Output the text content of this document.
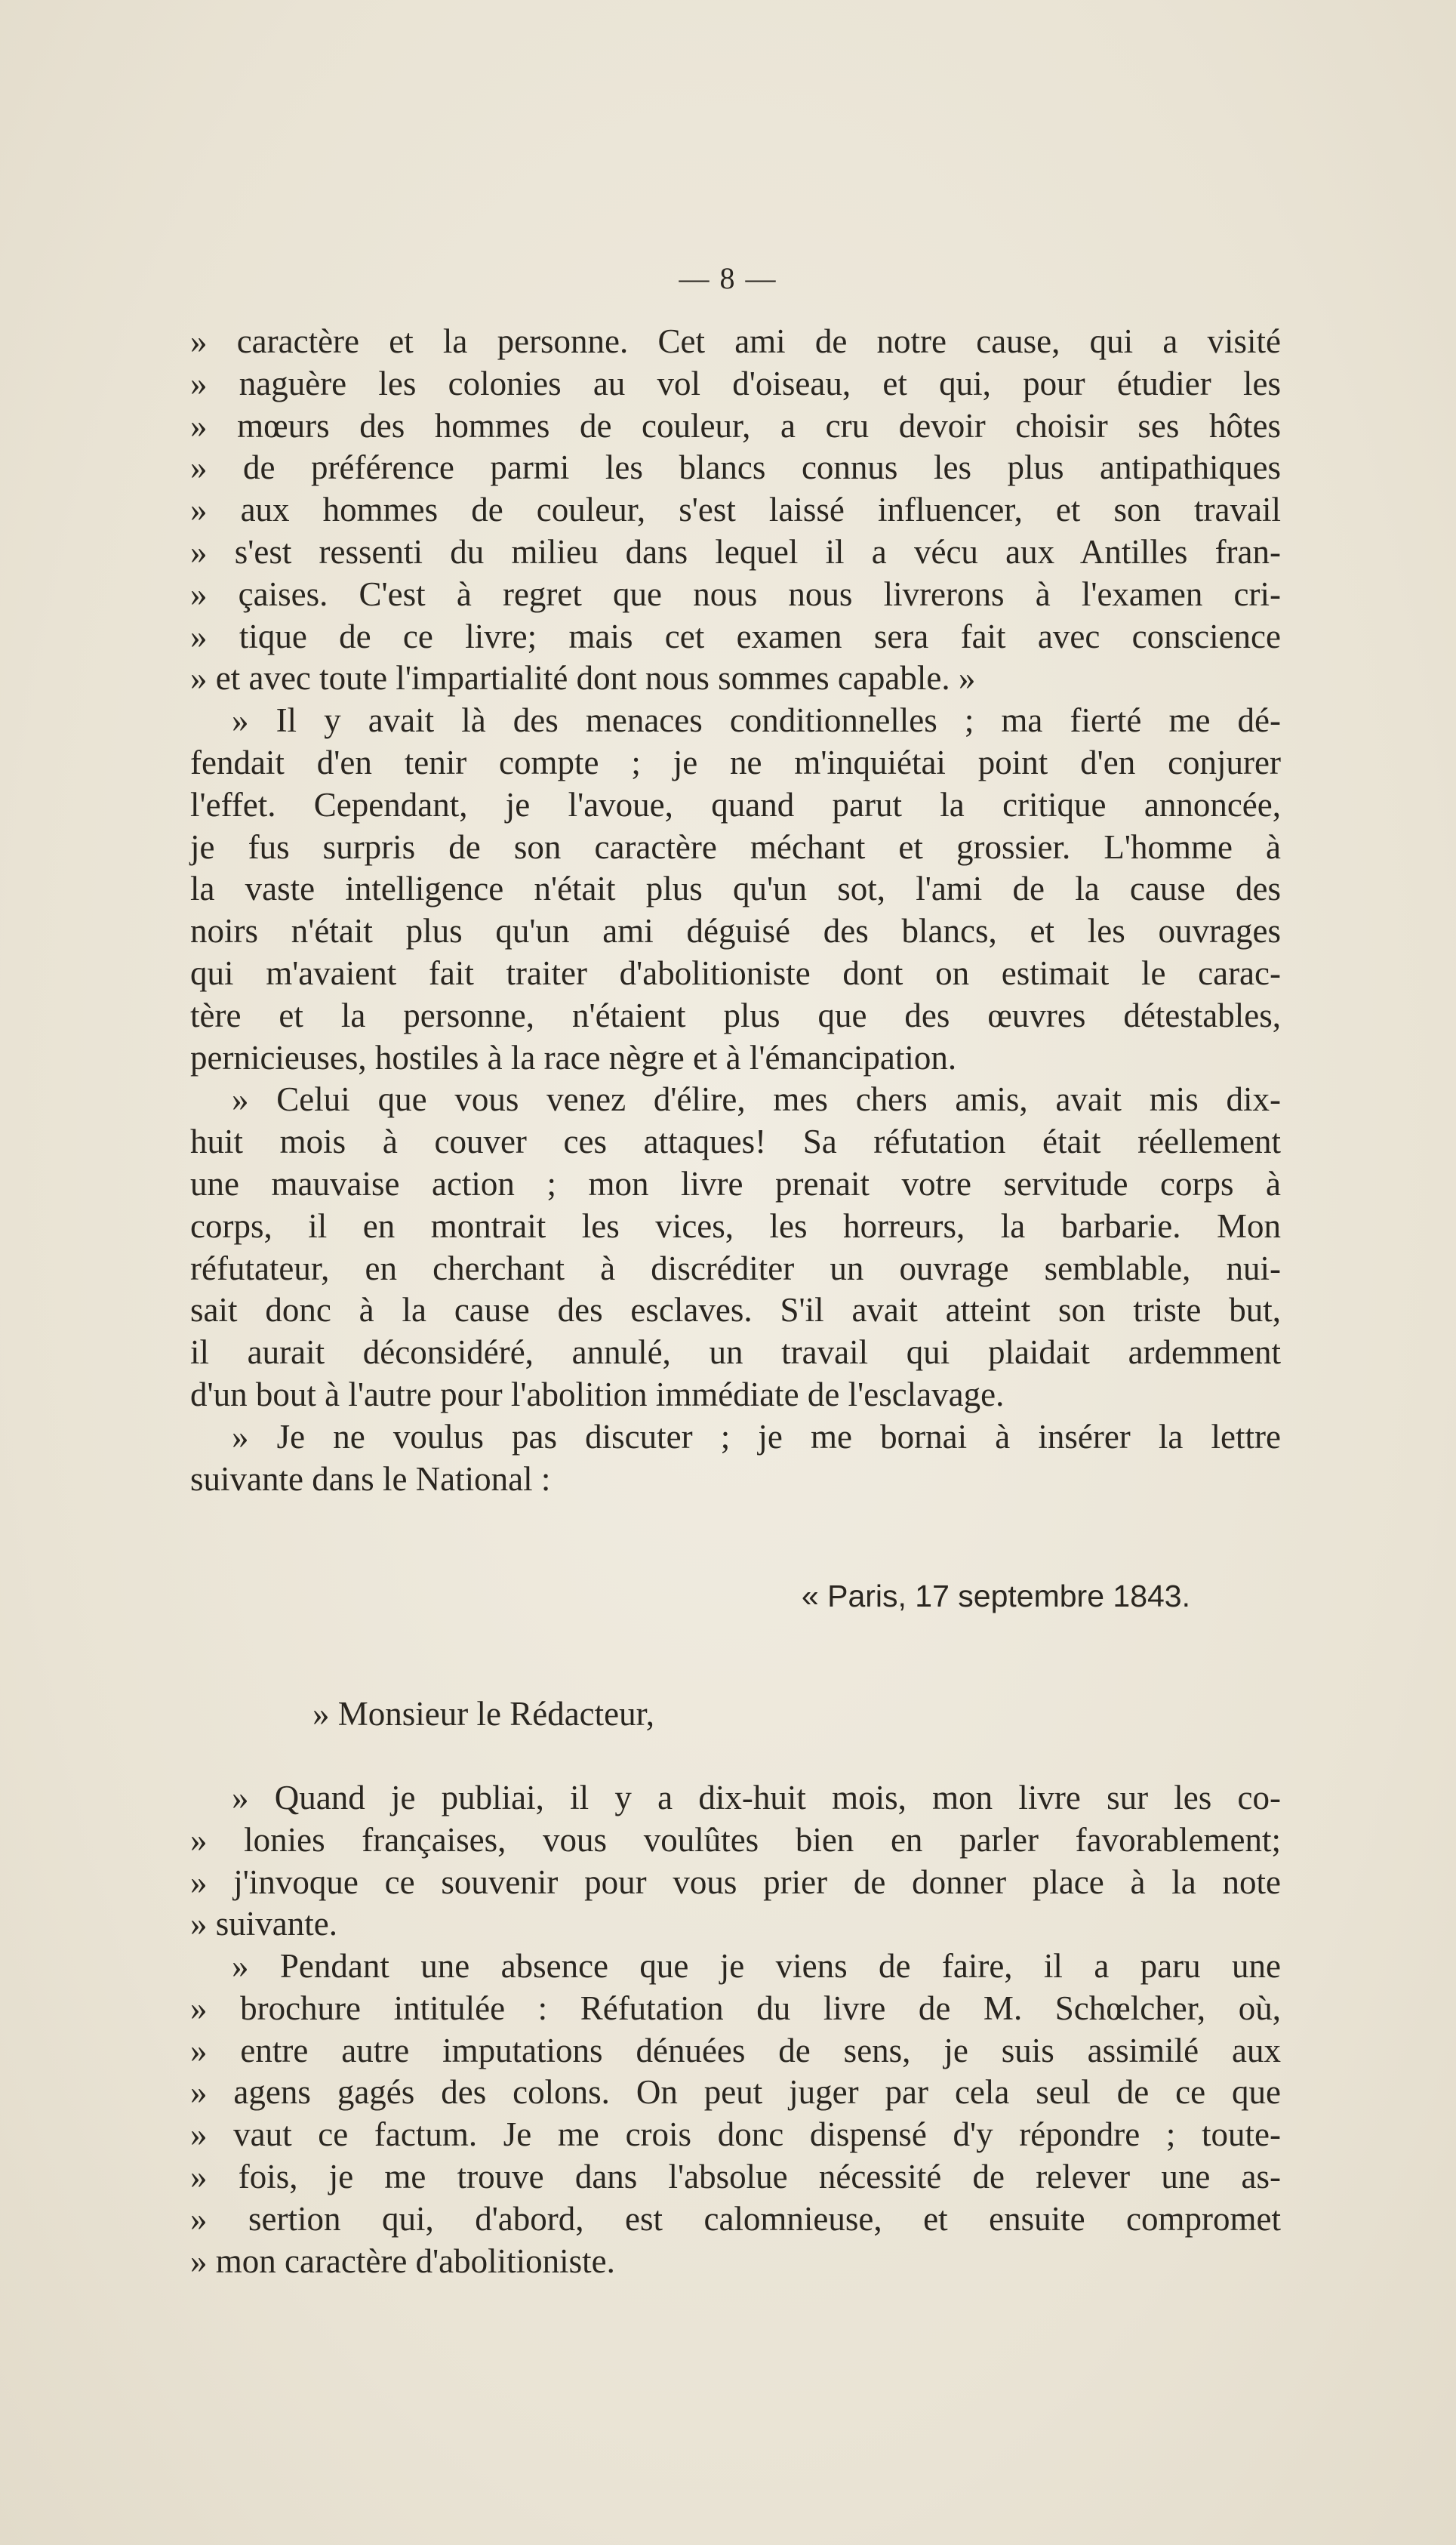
— 8 —
» caractère et la personne. Cet ami de notre cause, qui a visité
» naguère les colonies au vol d'oiseau, et qui, pour étudier les
» mœurs des hommes de couleur, a cru devoir choisir ses hôtes
» de préférence parmi les blancs connus les plus antipathiques
» aux hommes de couleur, s'est laissé influencer, et son travail
» s'est ressenti du milieu dans lequel il a vécu aux Antilles fran-
» çaises. C'est à regret que nous nous livrerons à l'examen cri-
» tique de ce livre; mais cet examen sera fait avec conscience
» et avec toute l'impartialité dont nous sommes capable. »
» Il y avait là des menaces conditionnelles ; ma fierté me dé-
fendait d'en tenir compte ; je ne m'inquiétai point d'en conjurer
l'effet. Cependant, je l'avoue, quand parut la critique annoncée,
je fus surpris de son caractère méchant et grossier. L'homme à
la vaste intelligence n'était plus qu'un sot, l'ami de la cause des
noirs n'était plus qu'un ami déguisé des blancs, et les ouvrages
qui m'avaient fait traiter d'abolitioniste dont on estimait le carac-
tère et la personne, n'étaient plus que des œuvres détestables,
pernicieuses, hostiles à la race nègre et à l'émancipation.
» Celui que vous venez d'élire, mes chers amis, avait mis dix-
huit mois à couver ces attaques! Sa réfutation était réellement
une mauvaise action ; mon livre prenait votre servitude corps à
corps, il en montrait les vices, les horreurs, la barbarie. Mon
réfutateur, en cherchant à discréditer un ouvrage semblable, nui-
sait donc à la cause des esclaves. S'il avait atteint son triste but,
il aurait déconsidéré, annulé, un travail qui plaidait ardemment
d'un bout à l'autre pour l'abolition immédiate de l'esclavage.
» Je ne voulus pas discuter ; je me bornai à insérer la lettre
suivante dans le National :
« Paris, 17 septembre 1843.
» Monsieur le Rédacteur,
» Quand je publiai, il y a dix-huit mois, mon livre sur les co-
» lonies françaises, vous voulûtes bien en parler favorablement;
» j'invoque ce souvenir pour vous prier de donner place à la note
» suivante.
» Pendant une absence que je viens de faire, il a paru une
» brochure intitulée : Réfutation du livre de M. Schœlcher, où,
» entre autre imputations dénuées de sens, je suis assimilé aux
» agens gagés des colons. On peut juger par cela seul de ce que
» vaut ce factum. Je me crois donc dispensé d'y répondre ; toute-
» fois, je me trouve dans l'absolue nécessité de relever une as-
» sertion qui, d'abord, est calomnieuse, et ensuite compromet
» mon caractère d'abolitioniste.
